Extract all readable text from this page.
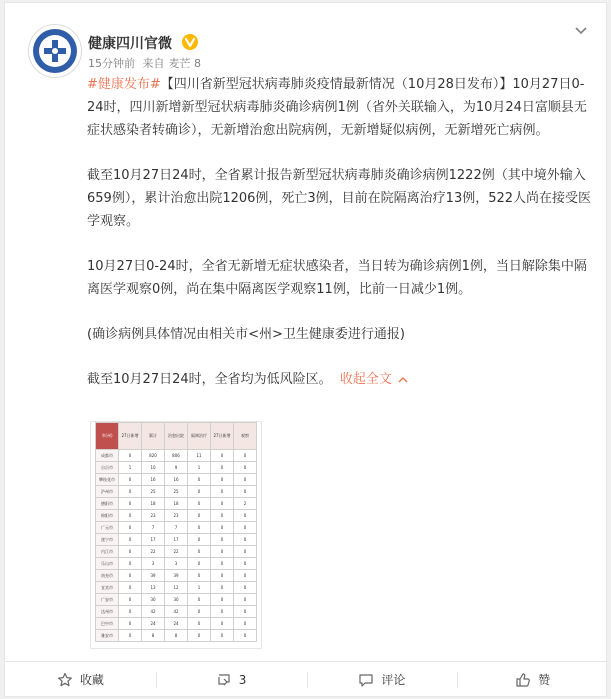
健康四川官微
15分钟前 来自 麦芒 8

#健康发布#【四川省新型冠状病毒肺炎疫情最新情况（10月28日发布）】10月27日0-24时，四川新增新型冠状病毒肺炎确诊病例1例（省外关联输入，为10月24日富顺县无症状感染者转确诊），无新增治愈出院病例，无新增疑似病例，无新增死亡病例。

截至10月27日24时，全省累计报告新型冠状病毒肺炎确诊病例1222例（其中境外输入659例），累计治愈出院1206例，死亡3例，目前在院隔离治疗13例，522人尚在接受医学观察。

10月27日0-24时，全省无新增无症状感染者，当日转为确诊病例1例，当日解除集中隔离医学观察0例，尚在集中隔离医学观察11例，比前一日减少1例。

(确诊病例具体情况由相关市<州>卫生健康委进行通报)

截至10月27日24时，全省均为低风险区。 收起全文

市(州)	27日新增	累计	治愈出院	隔离治疗	27日新增	观察
成都市	0	820	806	11	0	0
自贡市	1	10	9	1	0	0
攀枝花市	0	16	16	0	0	0
泸州市	0	25	25	0	0	0
德阳市	0	18	18	0	0	2
绵阳市	0	23	23	0	0	0
广元市	0	7	7	0	0	0
遂宁市	0	17	17	0	0	0
内江市	0	22	22	0	0	0
乐山市	0	3	3	0	0	0
南充市	0	39	39	0	0	0
宜宾市	0	13	12	1	0	0
广安市	0	30	30	0	0	0
达州市	0	42	42	0	0	0
巴中市	0	24	24	0	0	0
雅安市	0	8	8	0	0	0
收藏	3	评论	赞
